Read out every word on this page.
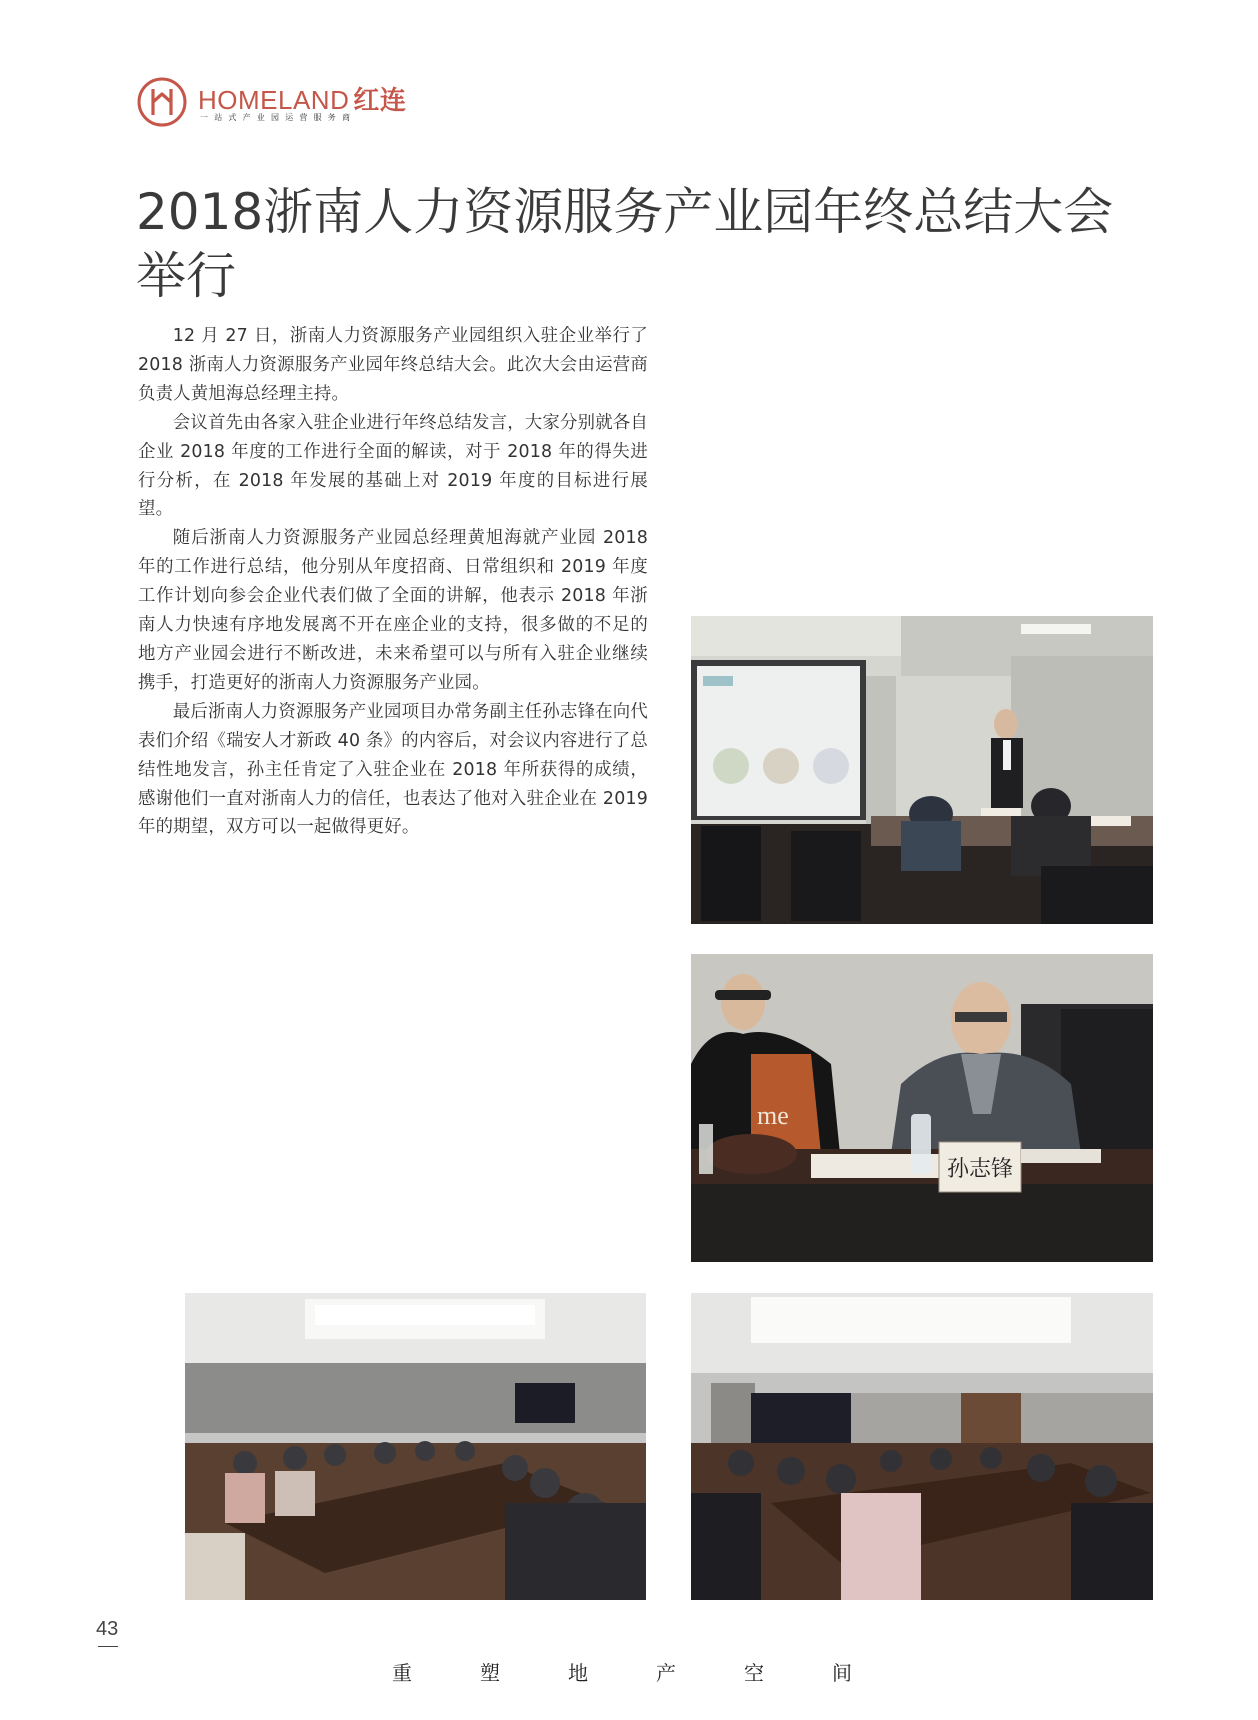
HOMELAND 红连
一站式产业园运营服务商
2018浙南人力资源服务产业园年终总结大会举行

12 月 27 日，浙南人力资源服务产业园组织入驻企业举行了 2018 浙南人力资源服务产业园年终总结大会。此次大会由运营商负责人黄旭海总经理主持。

会议首先由各家入驻企业进行年终总结发言，大家分别就各自企业 2018 年度的工作进行全面的解读，对于 2018 年的得失进行分析，在 2018 年发展的基础上对 2019 年度的目标进行展望。

随后浙南人力资源服务产业园总经理黄旭海就产业园 2018 年的工作进行总结，他分别从年度招商、日常组织和 2019 年度工作计划向参会企业代表们做了全面的讲解，他表示 2018 年浙南人力快速有序地发展离不开在座企业的支持，很多做的不足的地方产业园会进行不断改进，未来希望可以与所有入驻企业继续携手，打造更好的浙南人力资源服务产业园。

最后浙南人力资源服务产业园项目办常务副主任孙志锋在向代表们介绍《瑞安人才新政 40 条》的内容后，对会议内容进行了总结性地发言，孙主任肯定了入驻企业在 2018 年所获得的成绩，感谢他们一直对浙南人力的信任，也表达了他对入驻企业在 2019 年的期望，双方可以一起做得更好。

me
孙志锋
43
重	塑	地	产	空	间
